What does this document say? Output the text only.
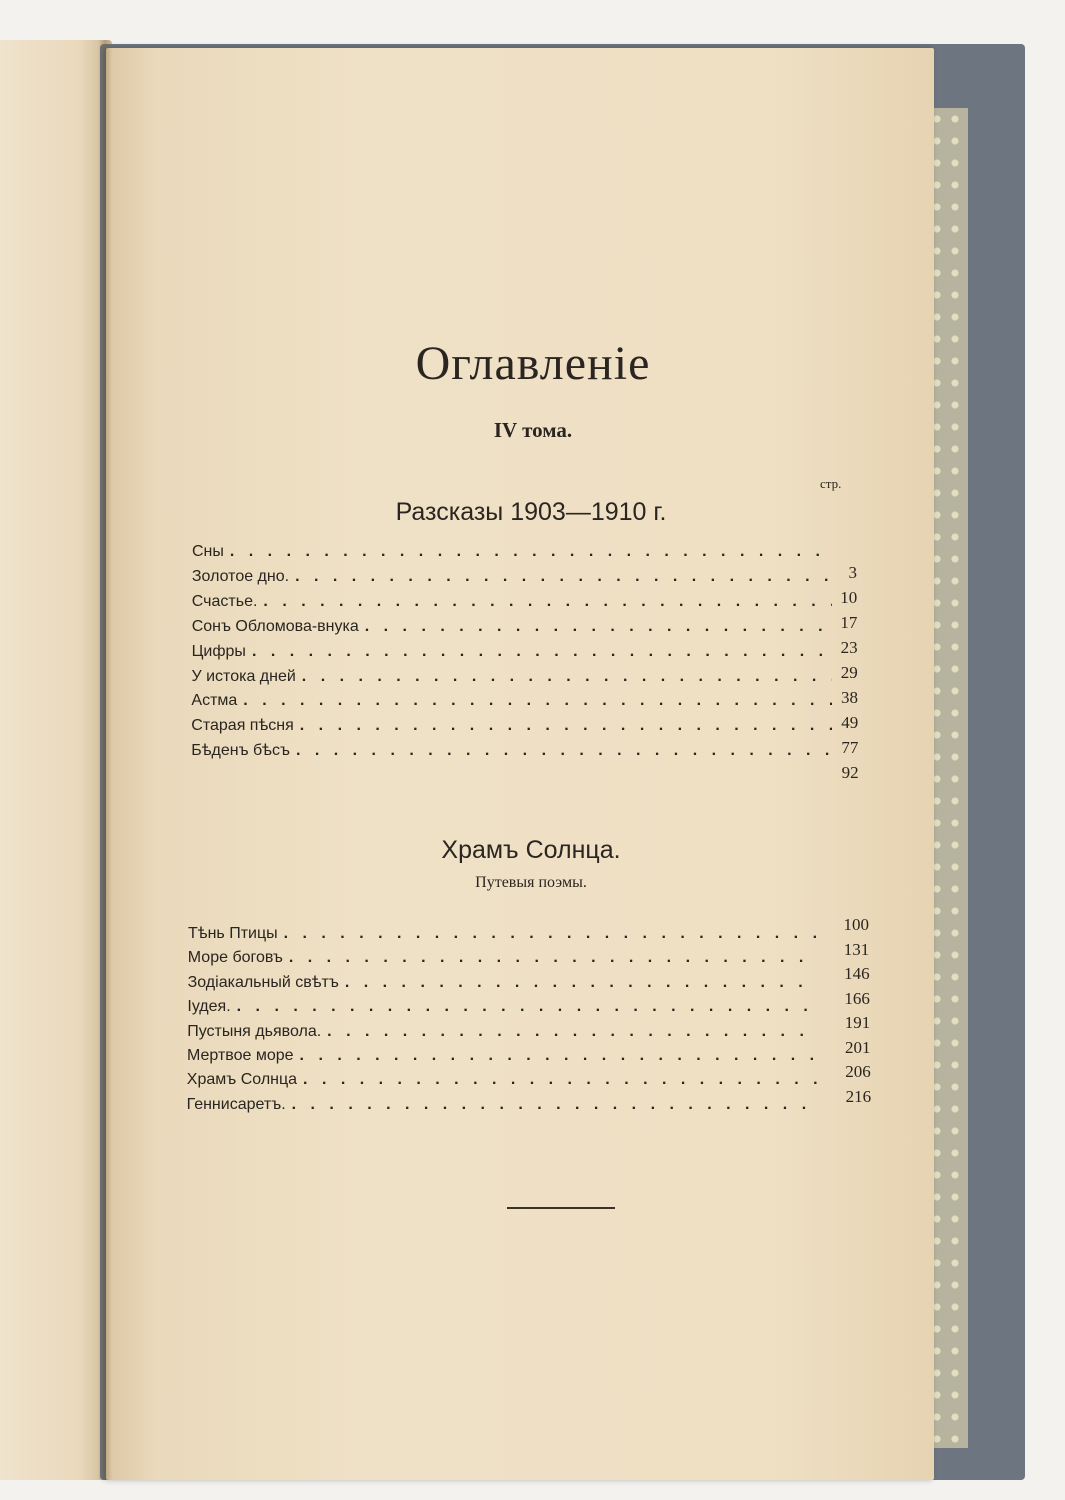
Оглавленіе
IV тома.
стр.
Разсказы 1903—1910 г.
Сны
. . .
Золотое дно.
. . .
Счастье.
. . .
Сонъ Обломова-внука
. . .
Цифры
. . .
У истока дней
. . .
Астма
. . .
Старая пѣсня
. . .
Бѣденъ бѣсъ
. . .
3
10
17
23
29
38
49
77
92
Храмъ Солнца.
Путевыя поэмы.
Тѣнь Птицы
. . .
Море боговъ
. . .
Зодіакальный свѣтъ
. . .
Іудея.
. . .
Пустыня дьявола.
. . .
Мертвое море
. . .
Храмъ Солнца
. . .
Геннисаретъ.
. . .
100
131
146
166
191
201
206
216
